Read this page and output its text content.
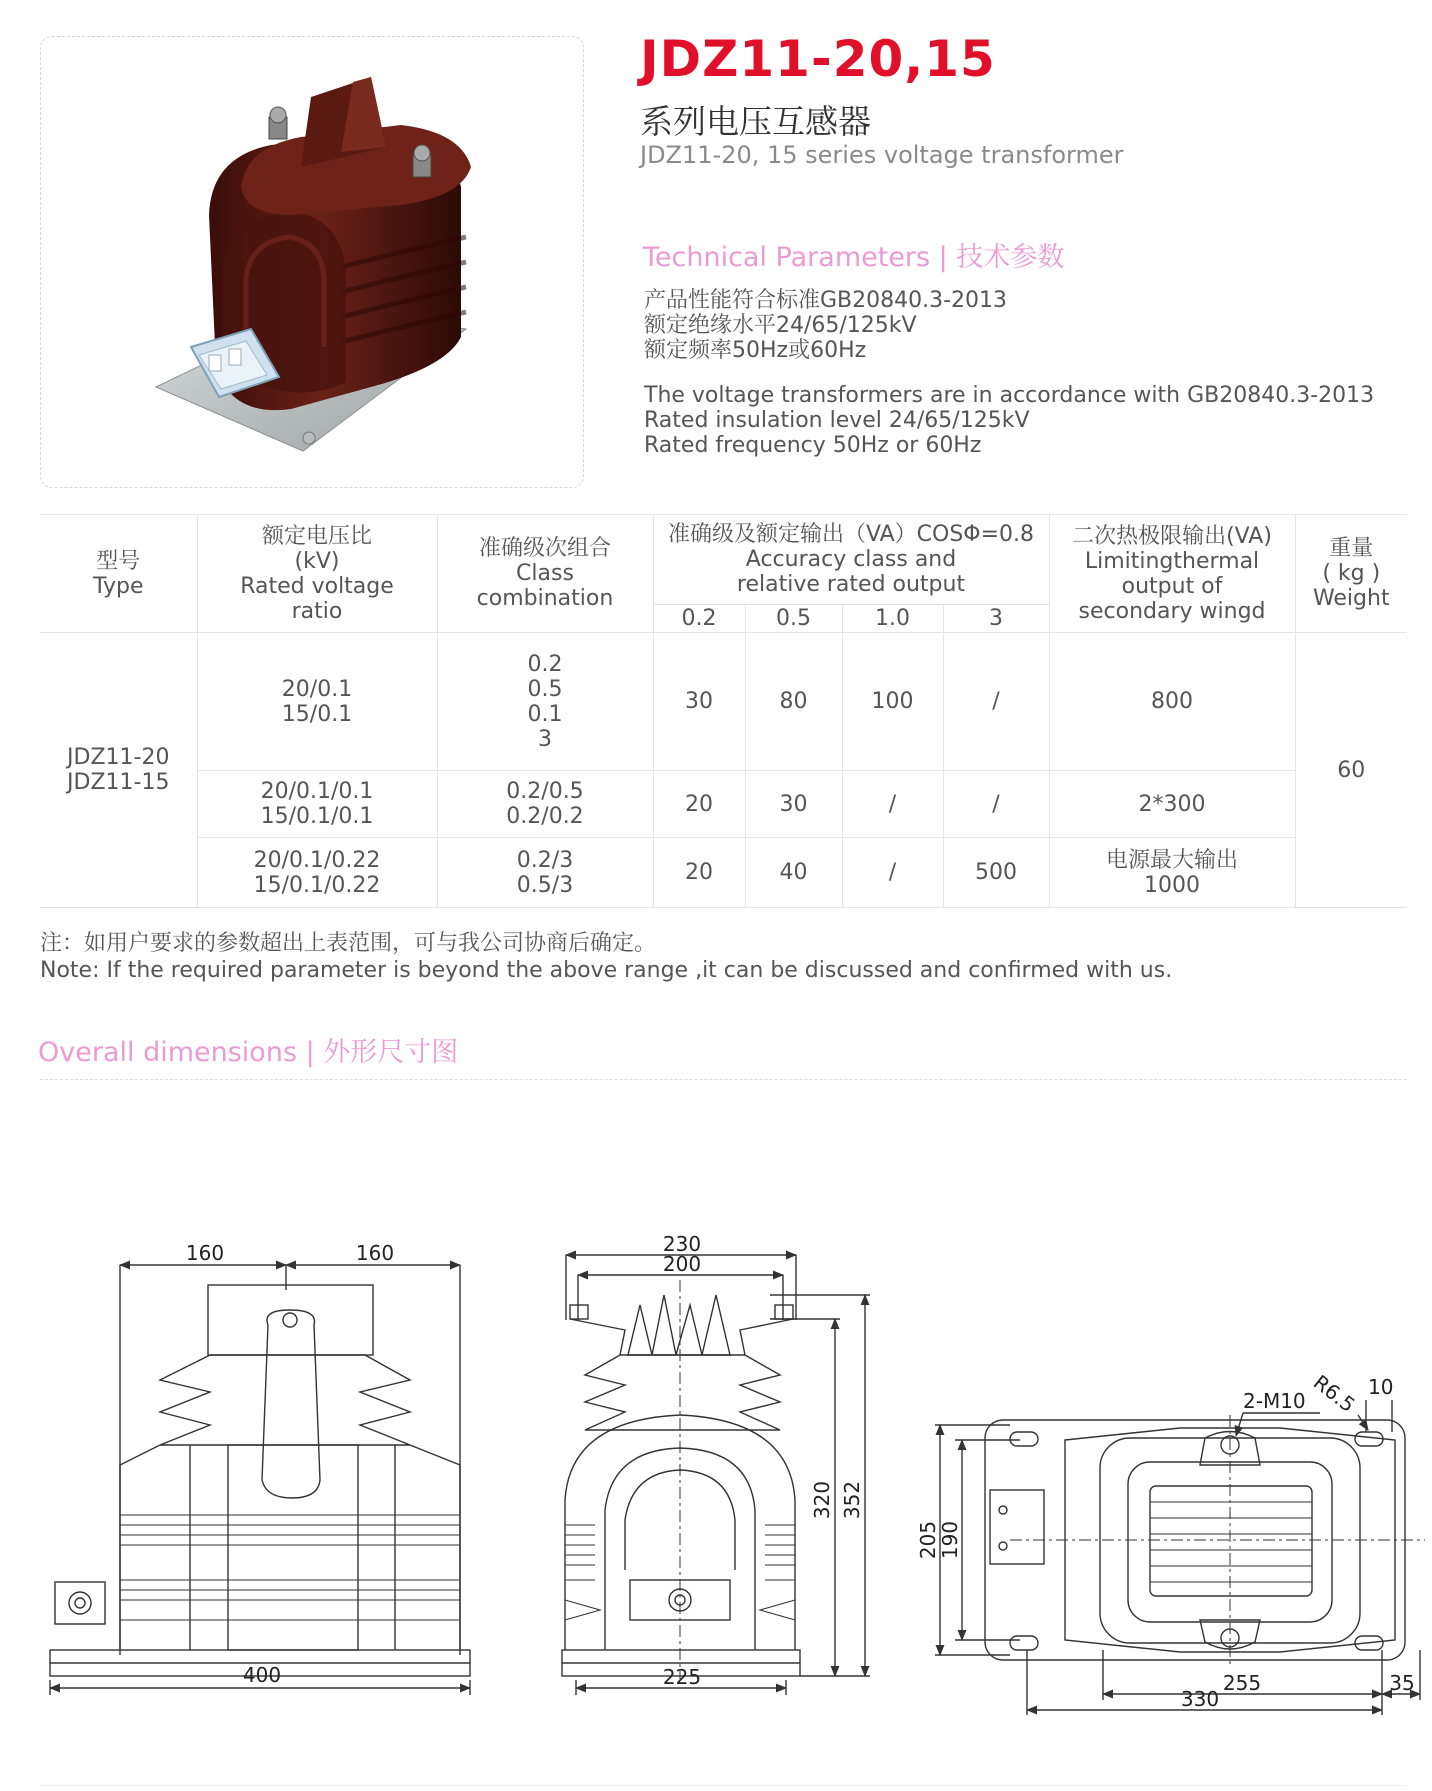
JDZ11-20,15
系列电压互感器
JDZ11-20, 15 series voltage transformer
Technical Parameters | 技术参数
产品性能符合标准GB20840.3-2013
额定绝缘水平24/65/125kV
额定频率50Hz或60Hz
The voltage transformers are in accordance with GB20840.3-2013
Rated insulation level 24/65/125kV
Rated frequency 50Hz or 60Hz
型号
Type	额定电压比
(kV)
Rated voltage
ratio	准确级次组合
Class
combination	准确级及额定输出（VA）COSΦ=0.8
Accuracy class and
relative rated output				二次热极限输出(VA)
Limitingthermal
output of
secondary wingd	重量
( kg )
Weight

			0.2	0.5	1.0	3		

JDZ11-20
JDZ11-15	20/0.1
15/0.1	0.2
0.5
0.1
3	30	80	100	/	800	60

	20/0.1/0.1
15/0.1/0.1	0.2/0.5
0.2/0.2	20	30	/	/	2*300	

	20/0.1/0.22
15/0.1/0.22	0.2/3
0.5/3	20	40	/	500	电源最大输出
1000	
注：如用户要求的参数超出上表范围，可与我公司协商后确定。
Note: If the required parameter is beyond the above range ,it can be discussed and confirmed with us.
Overall dimensions | 外形尺寸图
160	160
400
230
200
225
320 352
2-M10 R6.5 10
205
190
255
330
35
